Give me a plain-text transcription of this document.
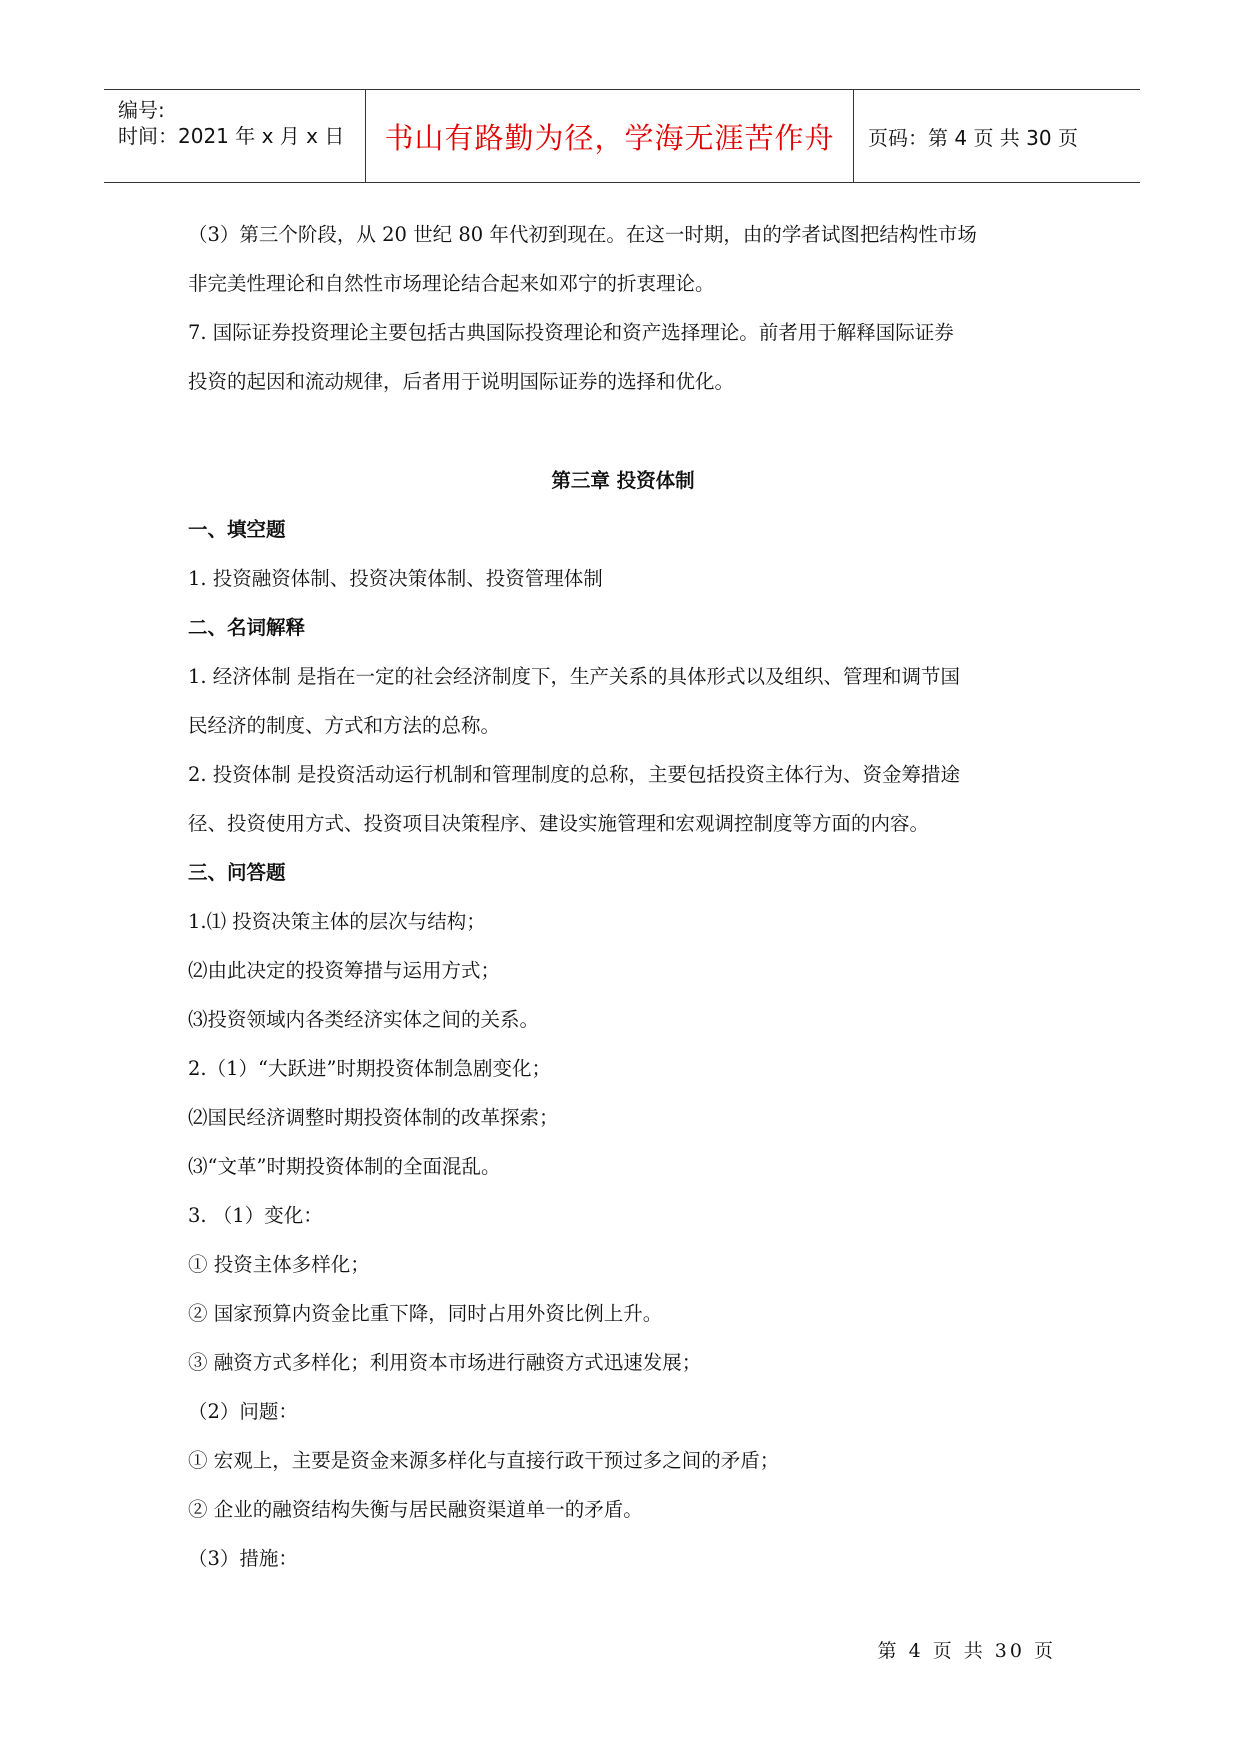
编号:
时间：2021 年 x 月 x 日	书山有路勤为径，学海无涯苦作舟	页码：第 4 页 共 30 页

（3）第三个阶段，从 20 世纪 80 年代初到现在。在这一时期，由的学者试图把结构性市场

非完美性理论和自然性市场理论结合起来如邓宁的折衷理论。

7. 国际证券投资理论主要包括古典国际投资理论和资产选择理论。前者用于解释国际证券

投资的起因和流动规律，后者用于说明国际证券的选择和优化。

第三章 投资体制

一、填空题

1. 投资融资体制、投资决策体制、投资管理体制

二、名词解释

1. 经济体制 是指在一定的社会经济制度下，生产关系的具体形式以及组织、管理和调节国

民经济的制度、方式和方法的总称。

2. 投资体制 是投资活动运行机制和管理制度的总称，主要包括投资主体行为、资金筹措途

径、投资使用方式、投资项目决策程序、建设实施管理和宏观调控制度等方面的内容。

三、问答题

1.⑴ 投资决策主体的层次与结构；

⑵由此决定的投资筹措与运用方式；

⑶投资领域内各类经济实体之间的关系。

2.（1）“大跃进”时期投资体制急剧变化；

⑵国民经济调整时期投资体制的改革探索；

⑶“文革”时期投资体制的全面混乱。

3. （1）变化：

① 投资主体多样化；

② 国家预算内资金比重下降，同时占用外资比例上升。

③ 融资方式多样化；利用资本市场进行融资方式迅速发展；

（2）问题：

① 宏观上，主要是资金来源多样化与直接行政干预过多之间的矛盾；

② 企业的融资结构失衡与居民融资渠道单一的矛盾。

（3）措施：

第 4 页 共 30 页
